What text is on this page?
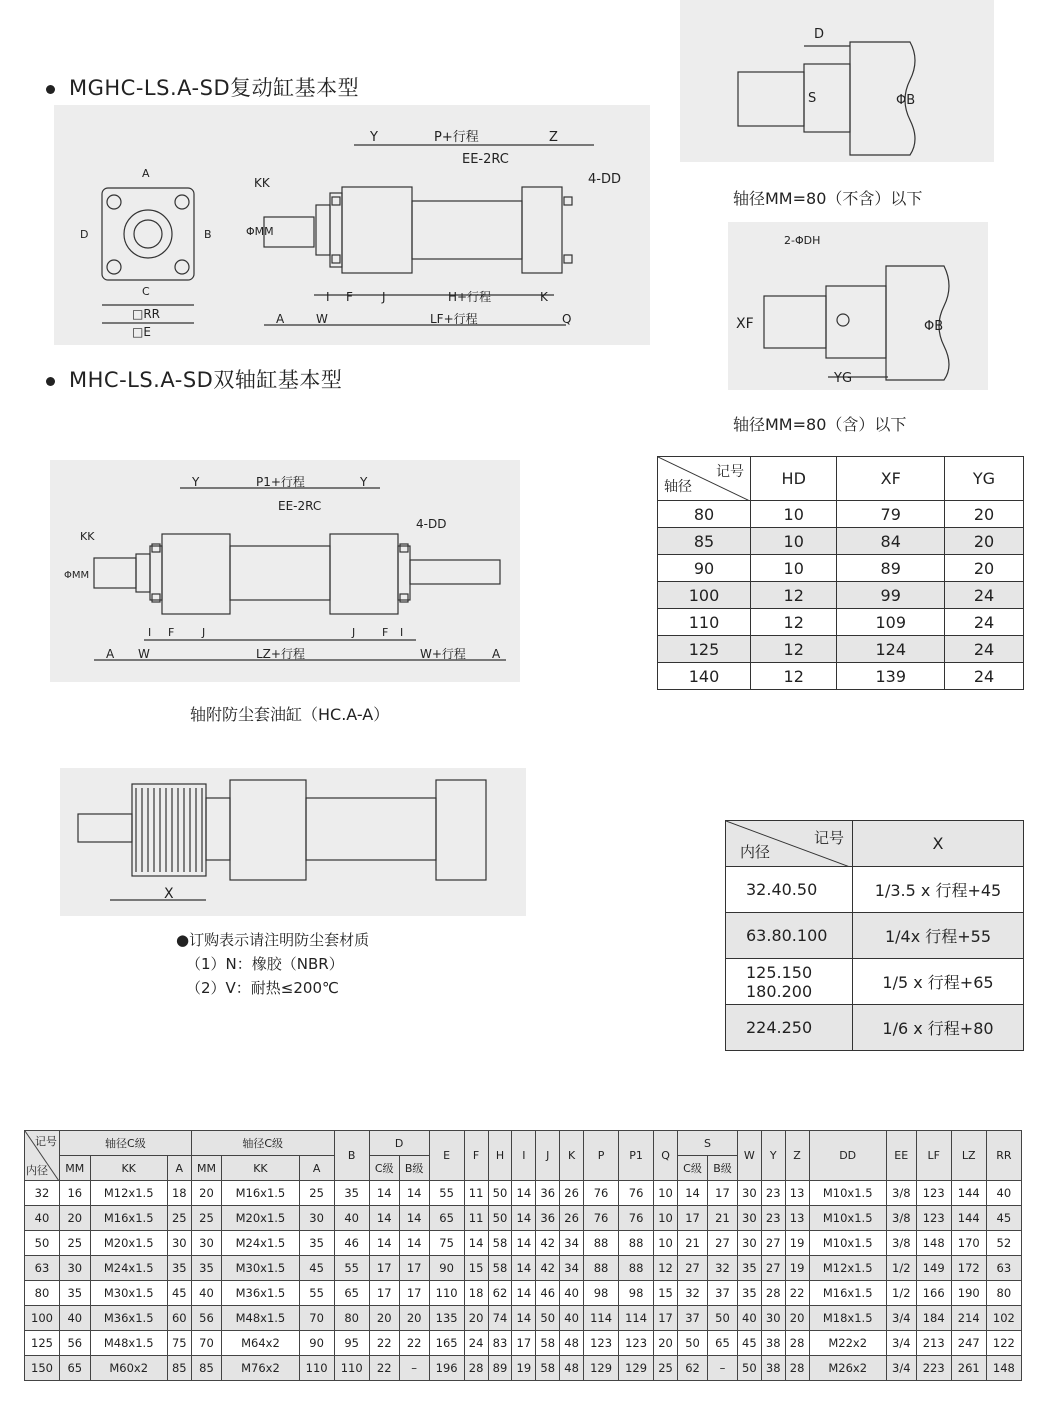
MGHC-LS.A-SD复动缸基本型
MHC-LS.A-SD双轴缸基本型
A
B
C
D
□RR
□E
KK
ΦMM
Y	P+行程	Z
EE-2RC
4-DD
I F J	H+行程	K
A	W	LF+行程	Q
D
S	ΦB
轴径MM=80（不含）以下
2-ΦDH
XF
YG
ΦB
轴径MM=80（含）以下
Y	P1+行程	Y
EE-2RC
4-DD
KK
ΦMM
I F	J	J F I
A W	LZ+行程	W+行程 A
轴附防尘套油缸（HC.A-A）
X
●订购表示请注明防尘套材质
（1）N：橡胶（NBR）
（2）V：耐热≤200℃
记号
轴径	HD	XF	YG
80	10	79	20
85	10	84	20
90	10	89	20
100	12	99	24
110	12	109	24
125	12	124	24
140	12	139	24
记号
内径	X
32.40.50	1/3.5 x 行程+45
63.80.100	1/4x 行程+55
125.150
180.200	1/5 x 行程+65
224.250	1/6 x 行程+80
记号
内径	轴径C级			轴径C级			B	D		E	F	H	I	J	K	P	P1	Q	S		W	Y	Z	DD	EE	LF	LZ	RR
	MM	KK	A	MM	KK	A		C级	B级										C级	B级								
32	16	M12x1.5	18	20	M16x1.5	25	35	14	14	55	11	50	14	36	26	76	76	10	14	17	30	23	13	M10x1.5	3/8	123	144	40
40	20	M16x1.5	25	25	M20x1.5	30	40	14	14	65	11	50	14	36	26	76	76	10	17	21	30	23	13	M10x1.5	3/8	123	144	45
50	25	M20x1.5	30	30	M24x1.5	35	46	14	14	75	14	58	14	42	34	88	88	10	21	27	30	27	19	M10x1.5	3/8	148	170	52
63	30	M24x1.5	35	35	M30x1.5	45	55	17	17	90	15	58	14	42	34	88	88	12	27	32	35	27	19	M12x1.5	1/2	149	172	63
80	35	M30x1.5	45	40	M36x1.5	55	65	17	17	110	18	62	14	46	40	98	98	15	32	37	35	28	22	M16x1.5	1/2	166	190	80
100	40	M36x1.5	60	56	M48x1.5	70	80	20	20	135	20	74	14	50	40	114	114	17	37	50	40	30	20	M18x1.5	3/4	184	214	102
125	56	M48x1.5	75	70	M64x2	90	95	22	22	165	24	83	17	58	48	123	123	20	50	65	45	38	28	M22x2	3/4	213	247	122
150	65	M60x2	85	85	M76x2	110	110	22	–	196	28	89	19	58	48	129	129	25	62	–	50	38	28	M26x2	3/4	223	261	148
